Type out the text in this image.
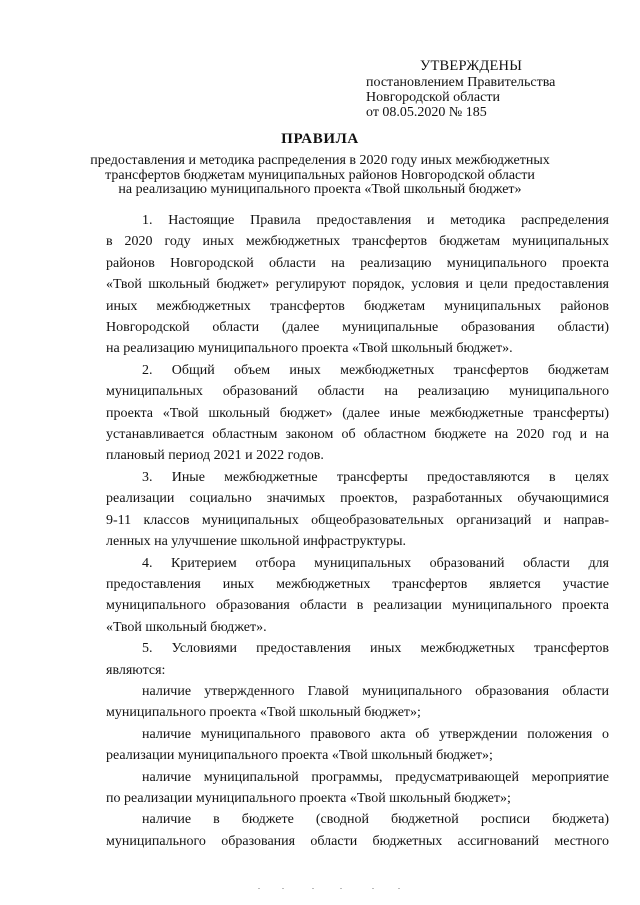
УТВЕРЖДЕНЫ
постановлением Правительства
Новгородской области
от 08.05.2020 № 185
ПРАВИЛА
предоставления и методика распределения в 2020 году иных межбюджетных
трансфертов бюджетам муниципальных районов Новгородской области
на реализацию муниципального проекта «Твой школьный бюджет»
1. Настоящие Правила предоставления и методика распределения
в 2020 году иных межбюджетных трансфертов бюджетам муниципальных
районов Новгородской области на реализацию муниципального проекта
«Твой школьный бюджет» регулируют порядок, условия и цели предоставления
иных межбюджетных трансфертов бюджетам муниципальных районов
Новгородской области (далее муниципальные образования области)
на реализацию муниципального проекта «Твой школьный бюджет».
2. Общий объем иных межбюджетных трансфертов бюджетам
муниципальных образований области на реализацию муниципального
проекта «Твой школьный бюджет» (далее иные межбюджетные трансферты)
устанавливается областным законом об областном бюджете на 2020 год и на
плановый период 2021 и 2022 годов.
3. Иные межбюджетные трансферты предоставляются в целях
реализации социально значимых проектов, разработанных обучающимися
9-11 классов муниципальных общеобразовательных организаций и направ-
ленных на улучшение школьной инфраструктуры.
4. Критерием отбора муниципальных образований области для
предоставления иных межбюджетных трансфертов является участие
муниципального образования области в реализации муниципального проекта
«Твой школьный бюджет».
5. Условиями предоставления иных межбюджетных трансфертов
являются:
наличие утвержденного Главой муниципального образования области
муниципального проекта «Твой школьный бюджет»;
наличие муниципального правового акта об утверждении положения о
реализации муниципального проекта «Твой школьный бюджет»;
наличие муниципальной программы, предусматривающей мероприятие
по реализации муниципального проекта «Твой школьный бюджет»;
наличие в бюджете (сводной бюджетной росписи бюджета)
муниципального образования области бюджетных ассигнований местного
